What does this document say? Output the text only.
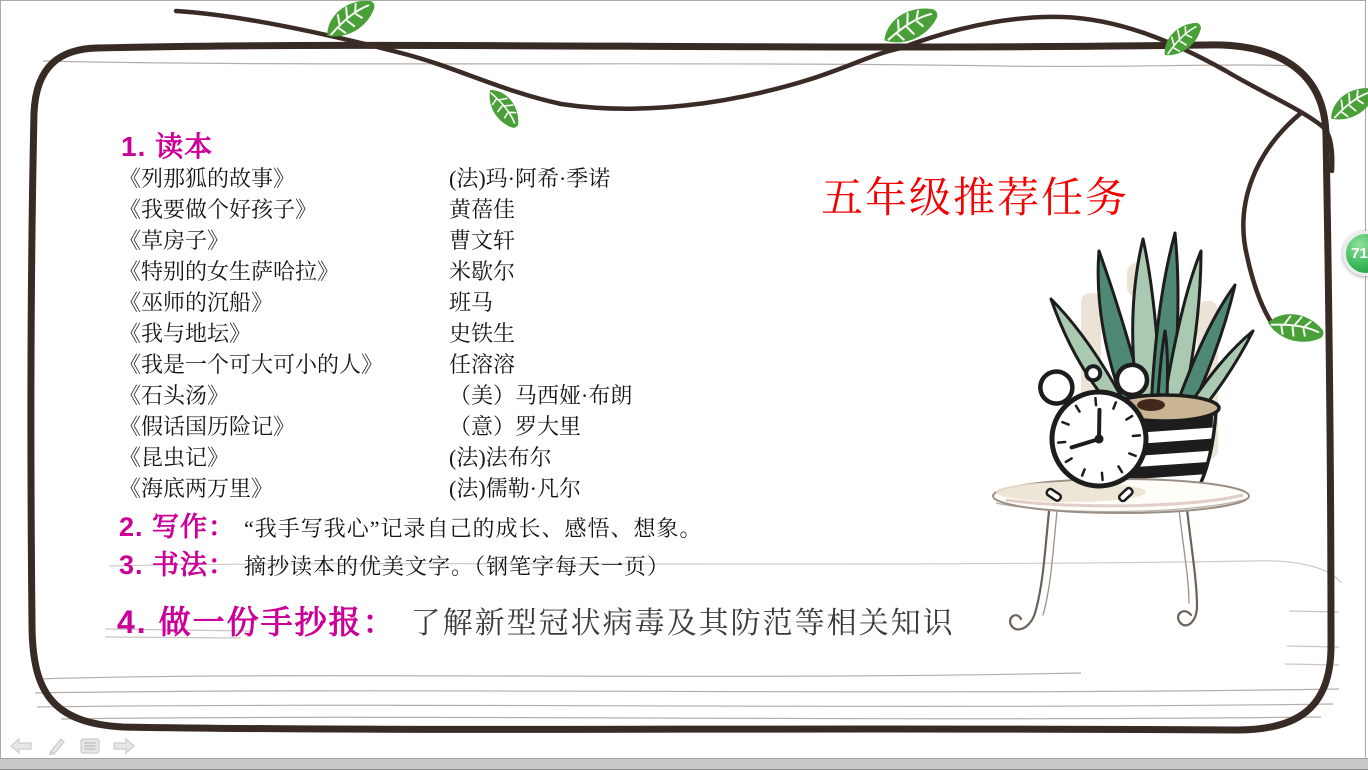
1. 读本
《列那狐的故事》	(法)玛·阿希·季诺
《我要做个好孩子》	黄蓓佳
《草房子》	曹文轩
《特别的女生萨哈拉》	米歇尔
《巫师的沉船》	班马
《我与地坛》	史铁生
《我是一个可大可小的人》	任溶溶
《石头汤》	（美）马西娅·布朗
《假话国历险记》	（意）罗大里
《昆虫记》	(法)法布尔
《海底两万里》	(法)儒勒·凡尔
2. 写作： “我手写我心”记录自己的成长、感悟、想象。
3. 书法： 摘抄读本的优美文字。（钢笔字每天一页）
4. 做一份手抄报： 了解新型冠状病毒及其防范等相关知识
五年级推荐任务
71
